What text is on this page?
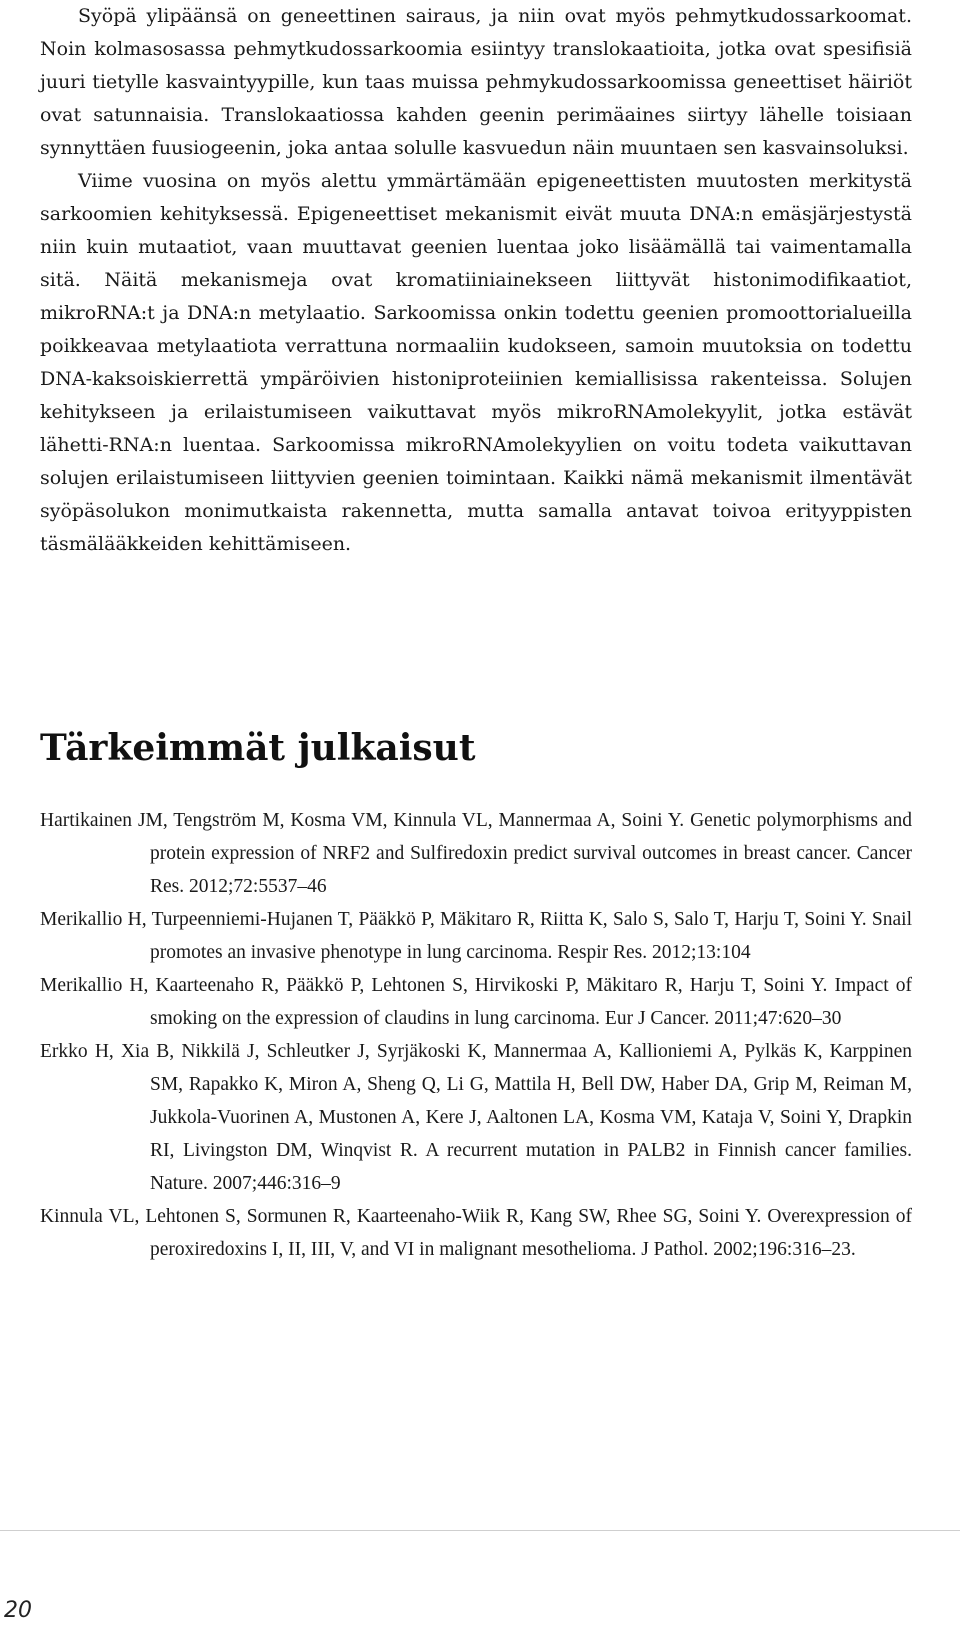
Syöpä ylipäänsä on geneettinen sairaus, ja niin ovat myös pehmytkudossarkoomat. Noin kolmasosassa pehmytkudossarkoomia esiintyy translokaatioita, jotka ovat spesifisiä juuri tietylle kasvaintyypille, kun taas muissa pehmykudossarkoomissa geneettiset häiriöt ovat satunnaisia. Translokaatiossa kahden geenin perimäaines siirtyy lähelle toisiaan synnyttäen fuusiogeenin, joka antaa solulle kasvuedun näin muuntaen sen kasvainsoluksi.

Viime vuosina on myös alettu ymmärtämään epigeneettisten muutosten merkitystä sarkoomien kehityksessä. Epigeneettiset mekanismit eivät muuta DNA:n emäsjärjestystä niin kuin mutaatiot, vaan muuttavat geenien luentaa joko lisäämällä tai vaimentamalla sitä. Näitä mekanismeja ovat kromatiiniainekseen liittyvät histonimodifikaatiot, mikroRNA:t ja DNA:n metylaatio. Sarkoomissa onkin todettu geenien promoottorialueilla poikkeavaa metylaatiota verrattuna normaaliin kudokseen, samoin muutoksia on todettu DNA-kaksoiskierrettä ympäröivien histoniproteiinien kemiallisissa rakenteissa. Solujen kehitykseen ja erilaistumiseen vaikuttavat myös mikroRNAmolekyylit, jotka estävät lähetti-RNA:n luentaa. Sarkoomissa mikroRNAmolekyylien on voitu todeta vaikuttavan solujen erilaistumiseen liittyvien geenien toimintaan. Kaikki nämä mekanismit ilmentävät syöpäsolukon monimutkaista rakennetta, mutta samalla antavat toivoa erityyppisten täsmälääkkeiden kehittämiseen.

Tärkeimmät julkaisut

Hartikainen JM, Tengström M, Kosma VM, Kinnula VL, Mannermaa A, Soini Y. Genetic polymorphisms and protein expression of NRF2 and Sulfiredoxin predict survival outcomes in breast cancer. Cancer Res. 2012;72:5537–46

Merikallio H, Turpeenniemi-Hujanen T, Pääkkö P, Mäkitaro R, Riitta K, Salo S, Salo T, Harju T, Soini Y. Snail promotes an invasive phenotype in lung carcinoma. Respir Res. 2012;13:104

Merikallio H, Kaarteenaho R, Pääkkö P, Lehtonen S, Hirvikoski P, Mäkitaro R, Harju T, Soini Y. Impact of smoking on the expression of claudins in lung carcinoma. Eur J Cancer. 2011;47:620–30

Erkko H, Xia B, Nikkilä J, Schleutker J, Syrjäkoski K, Mannermaa A, Kallioniemi A, Pylkäs K, Karppinen SM, Rapakko K, Miron A, Sheng Q, Li G, Mattila H, Bell DW, Haber DA, Grip M, Reiman M, Jukkola-Vuorinen A, Mustonen A, Kere J, Aaltonen LA, Kosma VM, Kataja V, Soini Y, Drapkin RI, Livingston DM, Winqvist R. A recurrent mutation in PALB2 in Finnish cancer families. Nature. 2007;446:316–9

Kinnula VL, Lehtonen S, Sormunen R, Kaarteenaho-Wiik R, Kang SW, Rhee SG, Soini Y. Overexpression of peroxiredoxins I, II, III, V, and VI in malignant mesothelioma. J Pathol. 2002;196:316–23.

20
